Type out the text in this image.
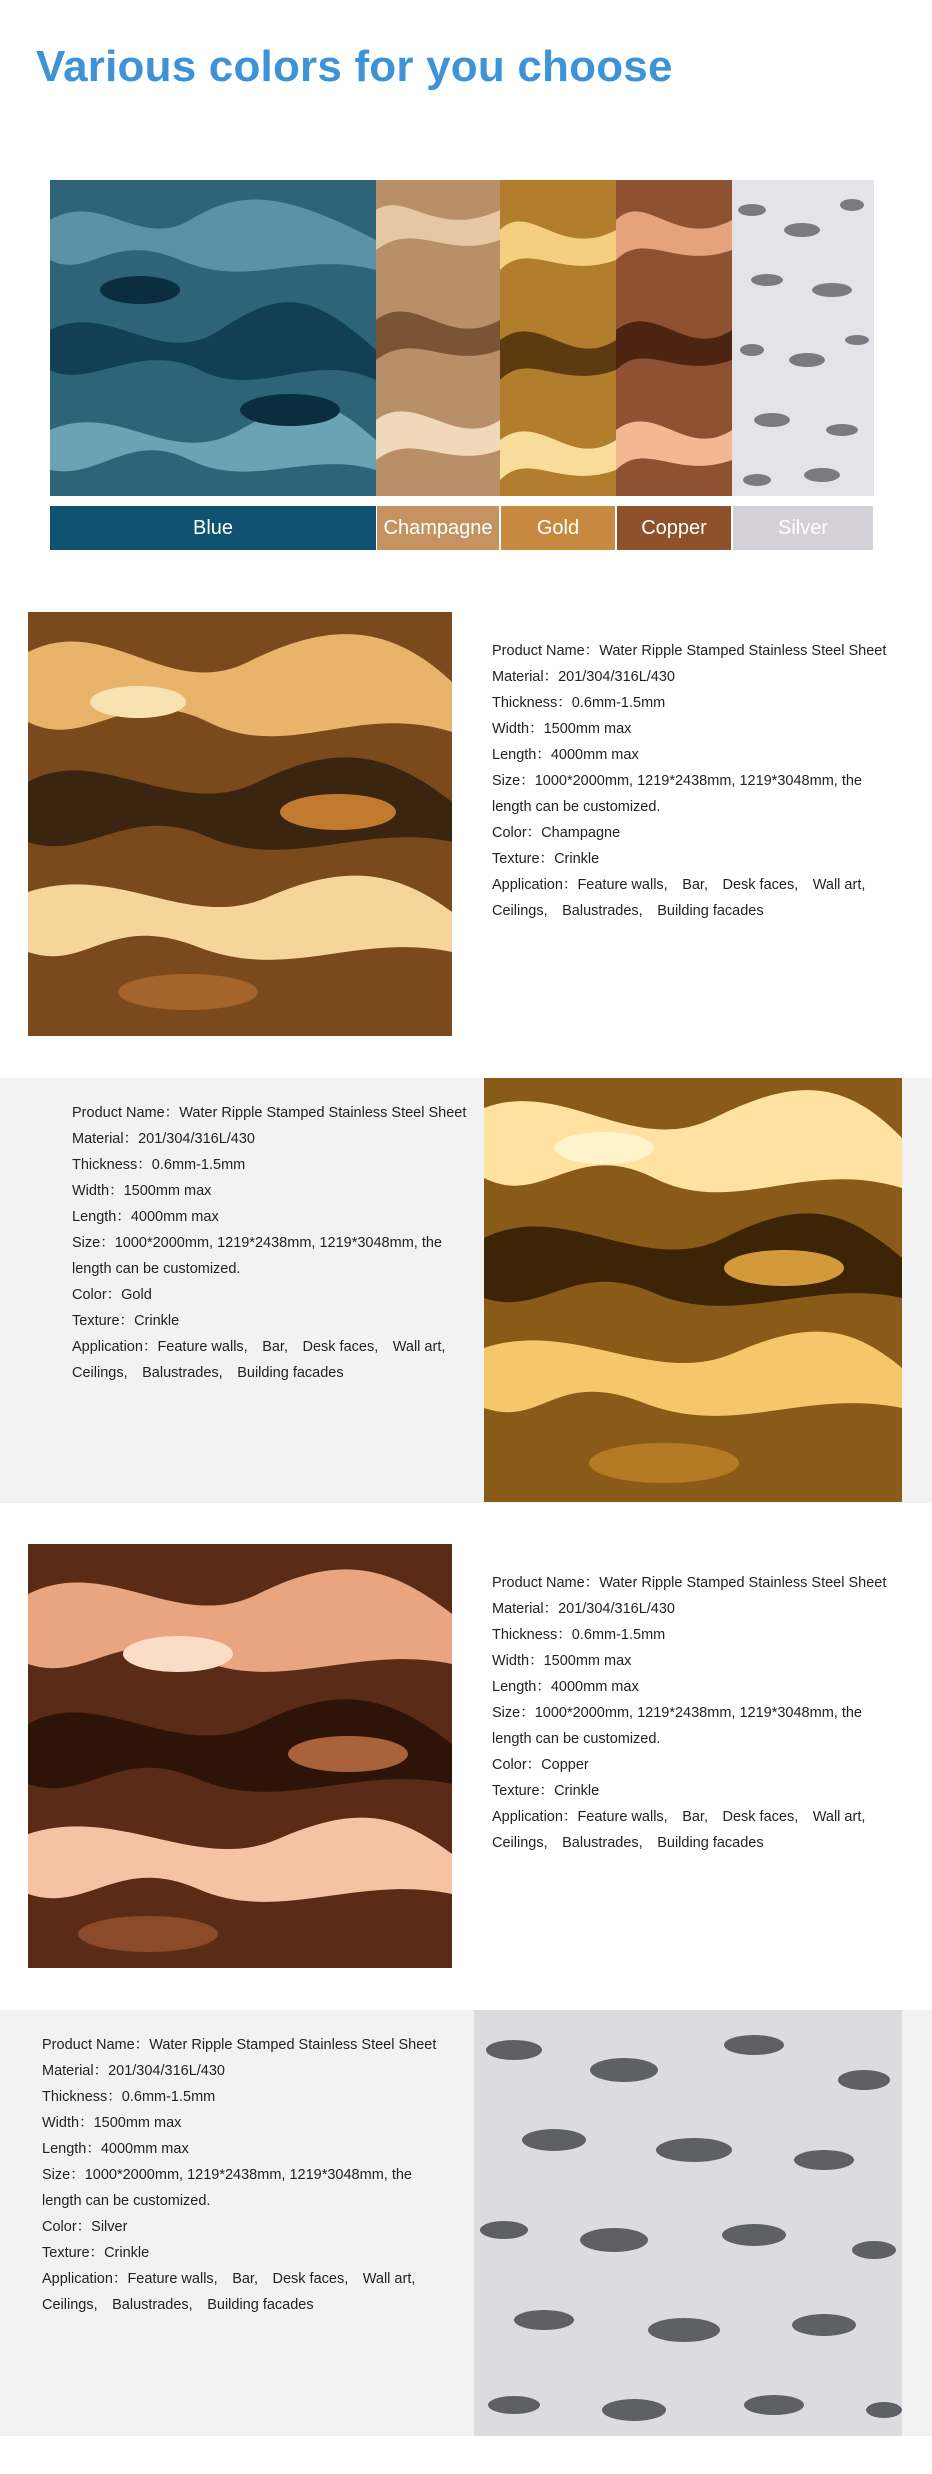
Various colors for you choose
Blue	Champagne Gold	Copper	Silver
Product Name：Water Ripple Stamped Stainless Steel Sheet
Material：201/304/316L/430
Thickness：0.6mm-1.5mm
Width：1500mm max
Length：4000mm max
Size：1000*2000mm, 1219*2438mm, 1219*3048mm, the
length can be customized.
Color：Champagne
Texture：Crinkle
Application：Feature walls,　Bar,　Desk faces,　Wall art,
Ceilings,　Balustrades,　Building facades
Product Name：Water Ripple Stamped Stainless Steel Sheet
Material：201/304/316L/430
Thickness：0.6mm-1.5mm
Width：1500mm max
Length：4000mm max
Size：1000*2000mm, 1219*2438mm, 1219*3048mm, the
length can be customized.
Color：Gold
Texture：Crinkle
Application：Feature walls,　Bar,　Desk faces,　Wall art,
Ceilings,　Balustrades,　Building facades
Product Name：Water Ripple Stamped Stainless Steel Sheet
Material：201/304/316L/430
Thickness：0.6mm-1.5mm
Width：1500mm max
Length：4000mm max
Size：1000*2000mm, 1219*2438mm, 1219*3048mm, the
length can be customized.
Color：Copper
Texture：Crinkle
Application：Feature walls,　Bar,　Desk faces,　Wall art,
Ceilings,　Balustrades,　Building facades
Product Name：Water Ripple Stamped Stainless Steel Sheet
Material：201/304/316L/430
Thickness：0.6mm-1.5mm
Width：1500mm max
Length：4000mm max
Size：1000*2000mm, 1219*2438mm, 1219*3048mm, the
length can be customized.
Color：Silver
Texture：Crinkle
Application：Feature walls,　Bar,　Desk faces,　Wall art,
Ceilings,　Balustrades,　Building facades
